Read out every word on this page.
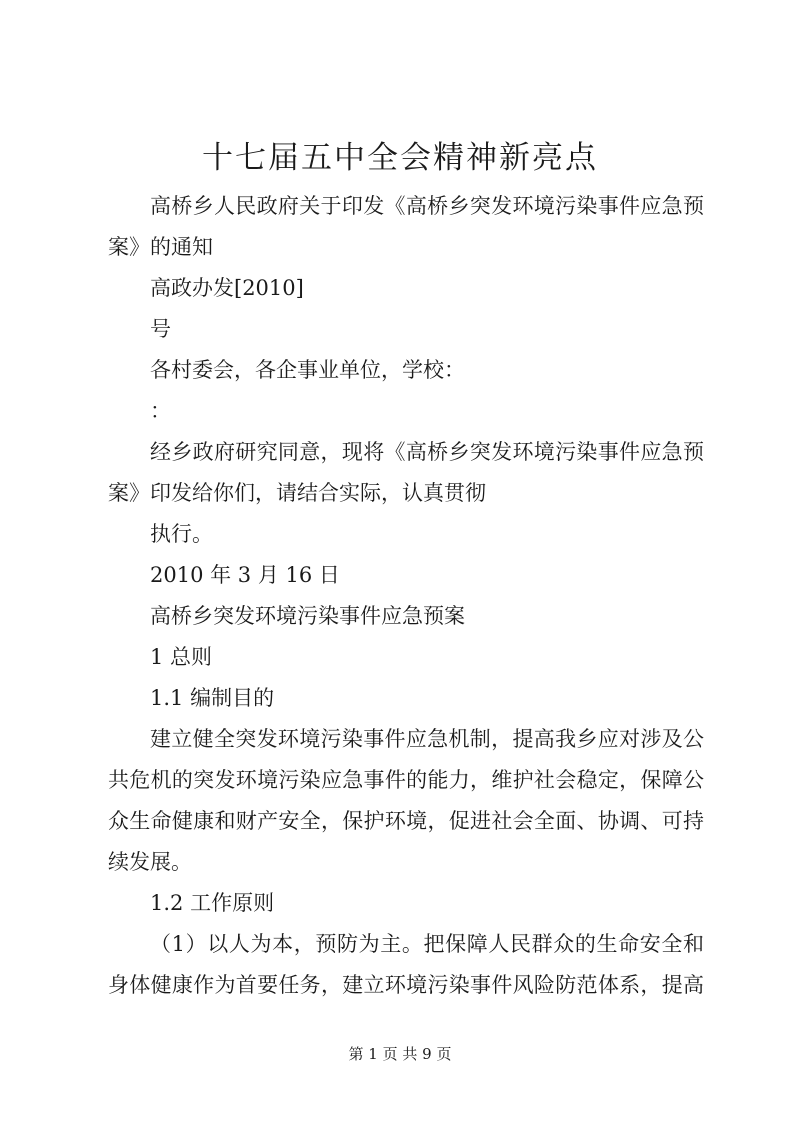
十七届五中全会精神新亮点
高桥乡人民政府关于印发《高桥乡突发环境污染事件应急预
案》的通知
高政办发[2010]
号
各村委会，各企事业单位，学校：
：
经乡政府研究同意，现将《高桥乡突发环境污染事件应急预
案》印发给你们，请结合实际，认真贯彻
执行。
2010 年 3 月 16 日
高桥乡突发环境污染事件应急预案
1 总则
1.1 编制目的
建立健全突发环境污染事件应急机制，提高我乡应对涉及公
共危机的突发环境污染应急事件的能力，维护社会稳定，保障公
众生命健康和财产安全，保护环境，促进社会全面、协调、可持
续发展。
1.2 工作原则
（1）以人为本，预防为主。把保障人民群众的生命安全和
身体健康作为首要任务，建立环境污染事件风险防范体系，提高
第 1 页 共 9 页
